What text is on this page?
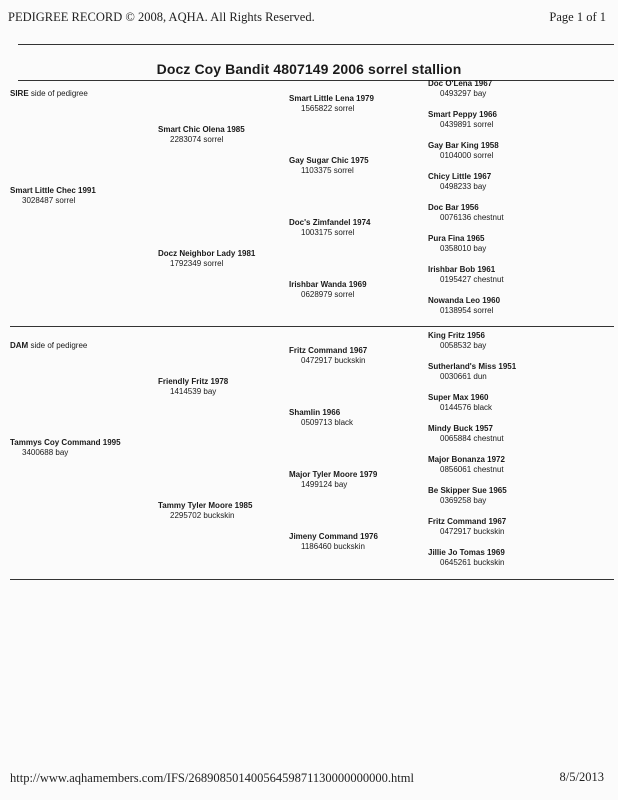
PEDIGREE RECORD © 2008, AQHA. All Rights Reserved.	Page 1 of 1
Docz Coy Bandit 4807149 2006 sorrel stallion
SIRE side of pedigree
Smart Little Chec 1991
3028487 sorrel
Smart Chic Olena 1985
2283074 sorrel
Docz Neighbor Lady 1981
1792349 sorrel
Smart Little Lena 1979
1565822 sorrel
Gay Sugar Chic 1975
1103375 sorrel
Doc's Zimfandel 1974
1003175 sorrel
Irishbar Wanda 1969
0628979 sorrel
Doc O'Lena 1967
0493297 bay
Smart Peppy 1966
0439891 sorrel
Gay Bar King 1958
0104000 sorrel
Chicy Little 1967
0498233 bay
Doc Bar 1956
0076136 chestnut
Pura Fina 1965
0358010 bay
Irishbar Bob 1961
0195427 chestnut
Nowanda Leo 1960
0138954 sorrel
DAM side of pedigree
Tammys Coy Command 1995
3400688 bay
Friendly Fritz 1978
1414539 bay
Tammy Tyler Moore 1985
2295702 buckskin
Fritz Command 1967
0472917 buckskin
Shamlin 1966
0509713 black
Major Tyler Moore 1979
1499124 bay
Jimeny Command 1976
1186460 buckskin
King Fritz 1956
0058532 bay
Sutherland's Miss 1951
0030661 dun
Super Max 1960
0144576 black
Mindy Buck 1957
0065884 chestnut
Major Bonanza 1972
0856061 chestnut
Be Skipper Sue 1965
0369258 bay
Fritz Command 1967
0472917 buckskin
Jillie Jo Tomas 1969
0645261 buckskin
http://www.aqhamembers.com/IFS/26890850140056459871130000000000.html	8/5/2013
